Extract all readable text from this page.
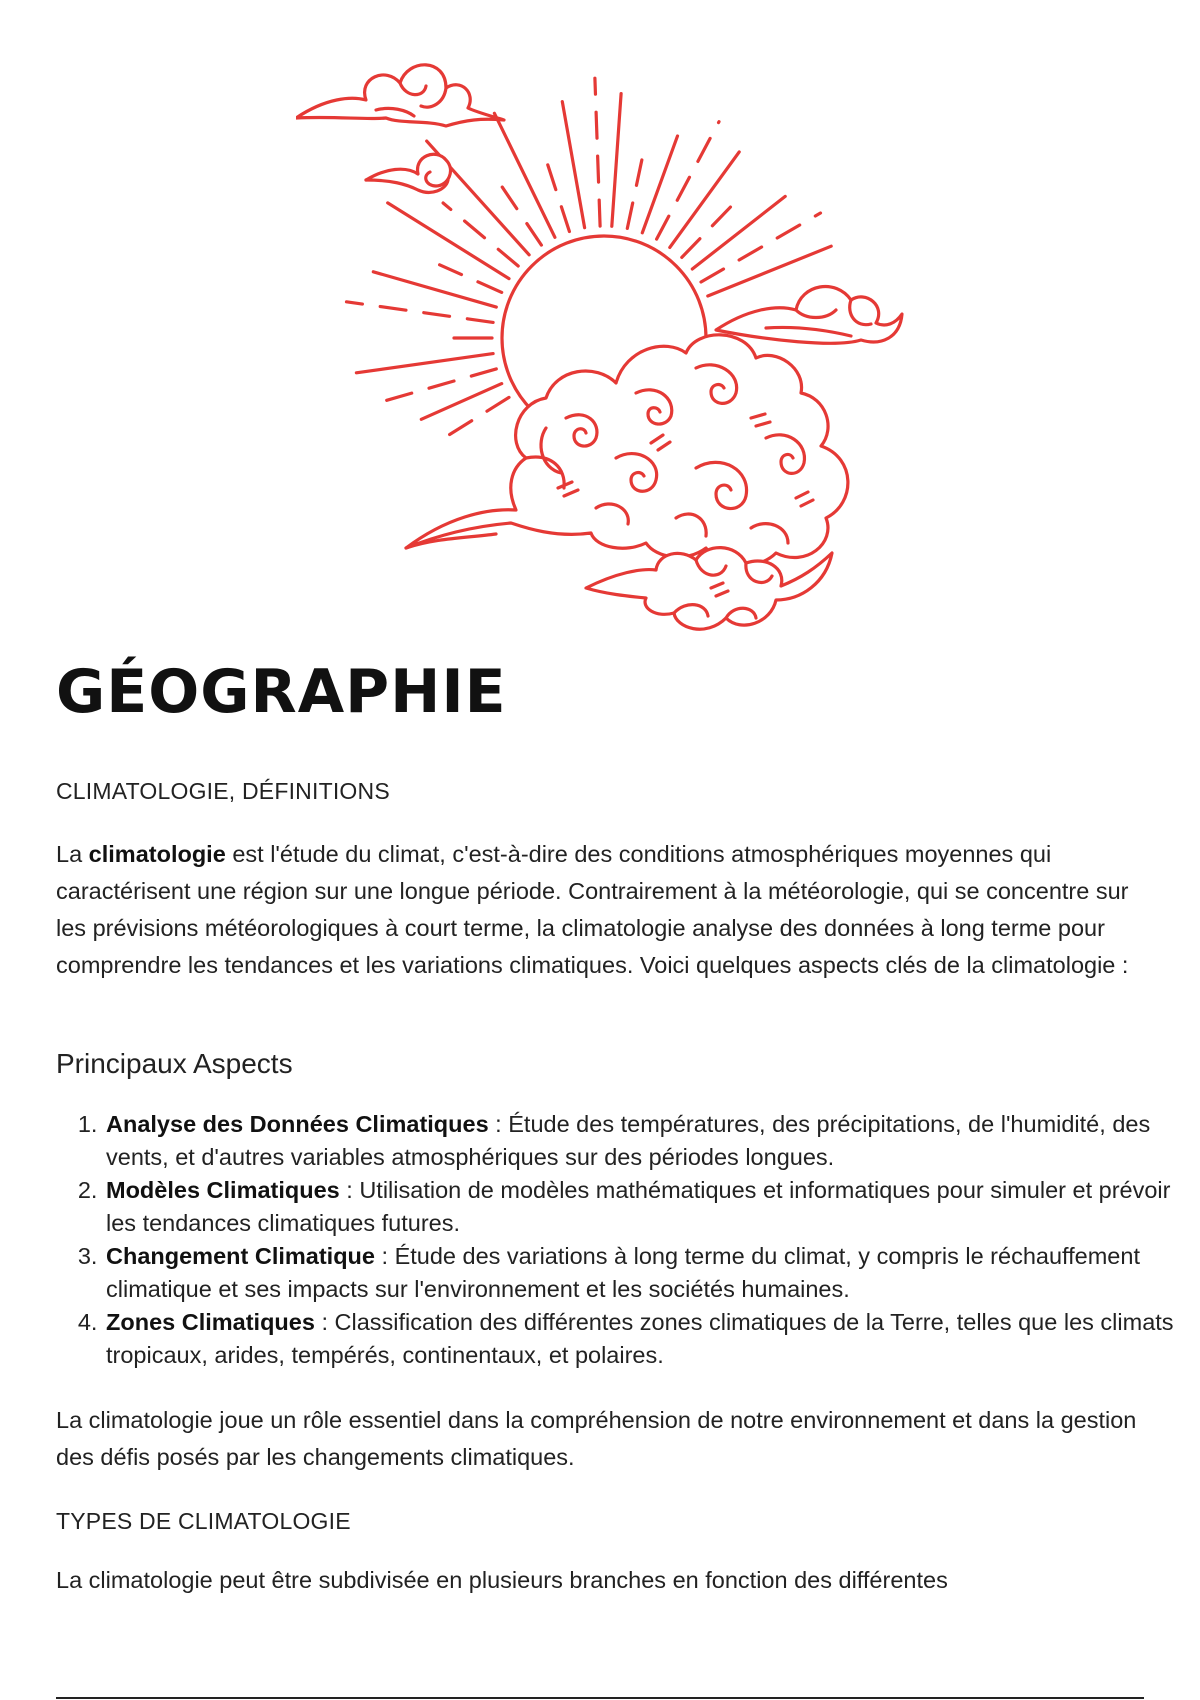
GÉOGRAPHIE

CLIMATOLOGIE, DÉFINITIONS

La climatologie est l'étude du climat, c'est-à-dire des conditions atmosphériques moyennes qui caractérisent une région sur une longue période. Contrairement à la météorologie, qui se concentre sur les prévisions météorologiques à court terme, la climatologie analyse des données à long terme pour comprendre les tendances et les variations climatiques. Voici quelques aspects clés de la climatologie :

Principaux Aspects
1. Analyse des Données Climatiques : Étude des températures, des précipitations, de l'humidité, des vents, et d'autres variables atmosphériques sur des périodes longues.
2. Modèles Climatiques : Utilisation de modèles mathématiques et informatiques pour simuler et prévoir les tendances climatiques futures.
3. Changement Climatique : Étude des variations à long terme du climat, y compris le réchauffement climatique et ses impacts sur l'environnement et les sociétés humaines.
4. Zones Climatiques : Classification des différentes zones climatiques de la Terre, telles que les climats tropicaux, arides, tempérés, continentaux, et polaires.

La climatologie joue un rôle essentiel dans la compréhension de notre environnement et dans la gestion des défis posés par les changements climatiques.

TYPES DE CLIMATOLOGIE

La climatologie peut être subdivisée en plusieurs branches en fonction des différentes
